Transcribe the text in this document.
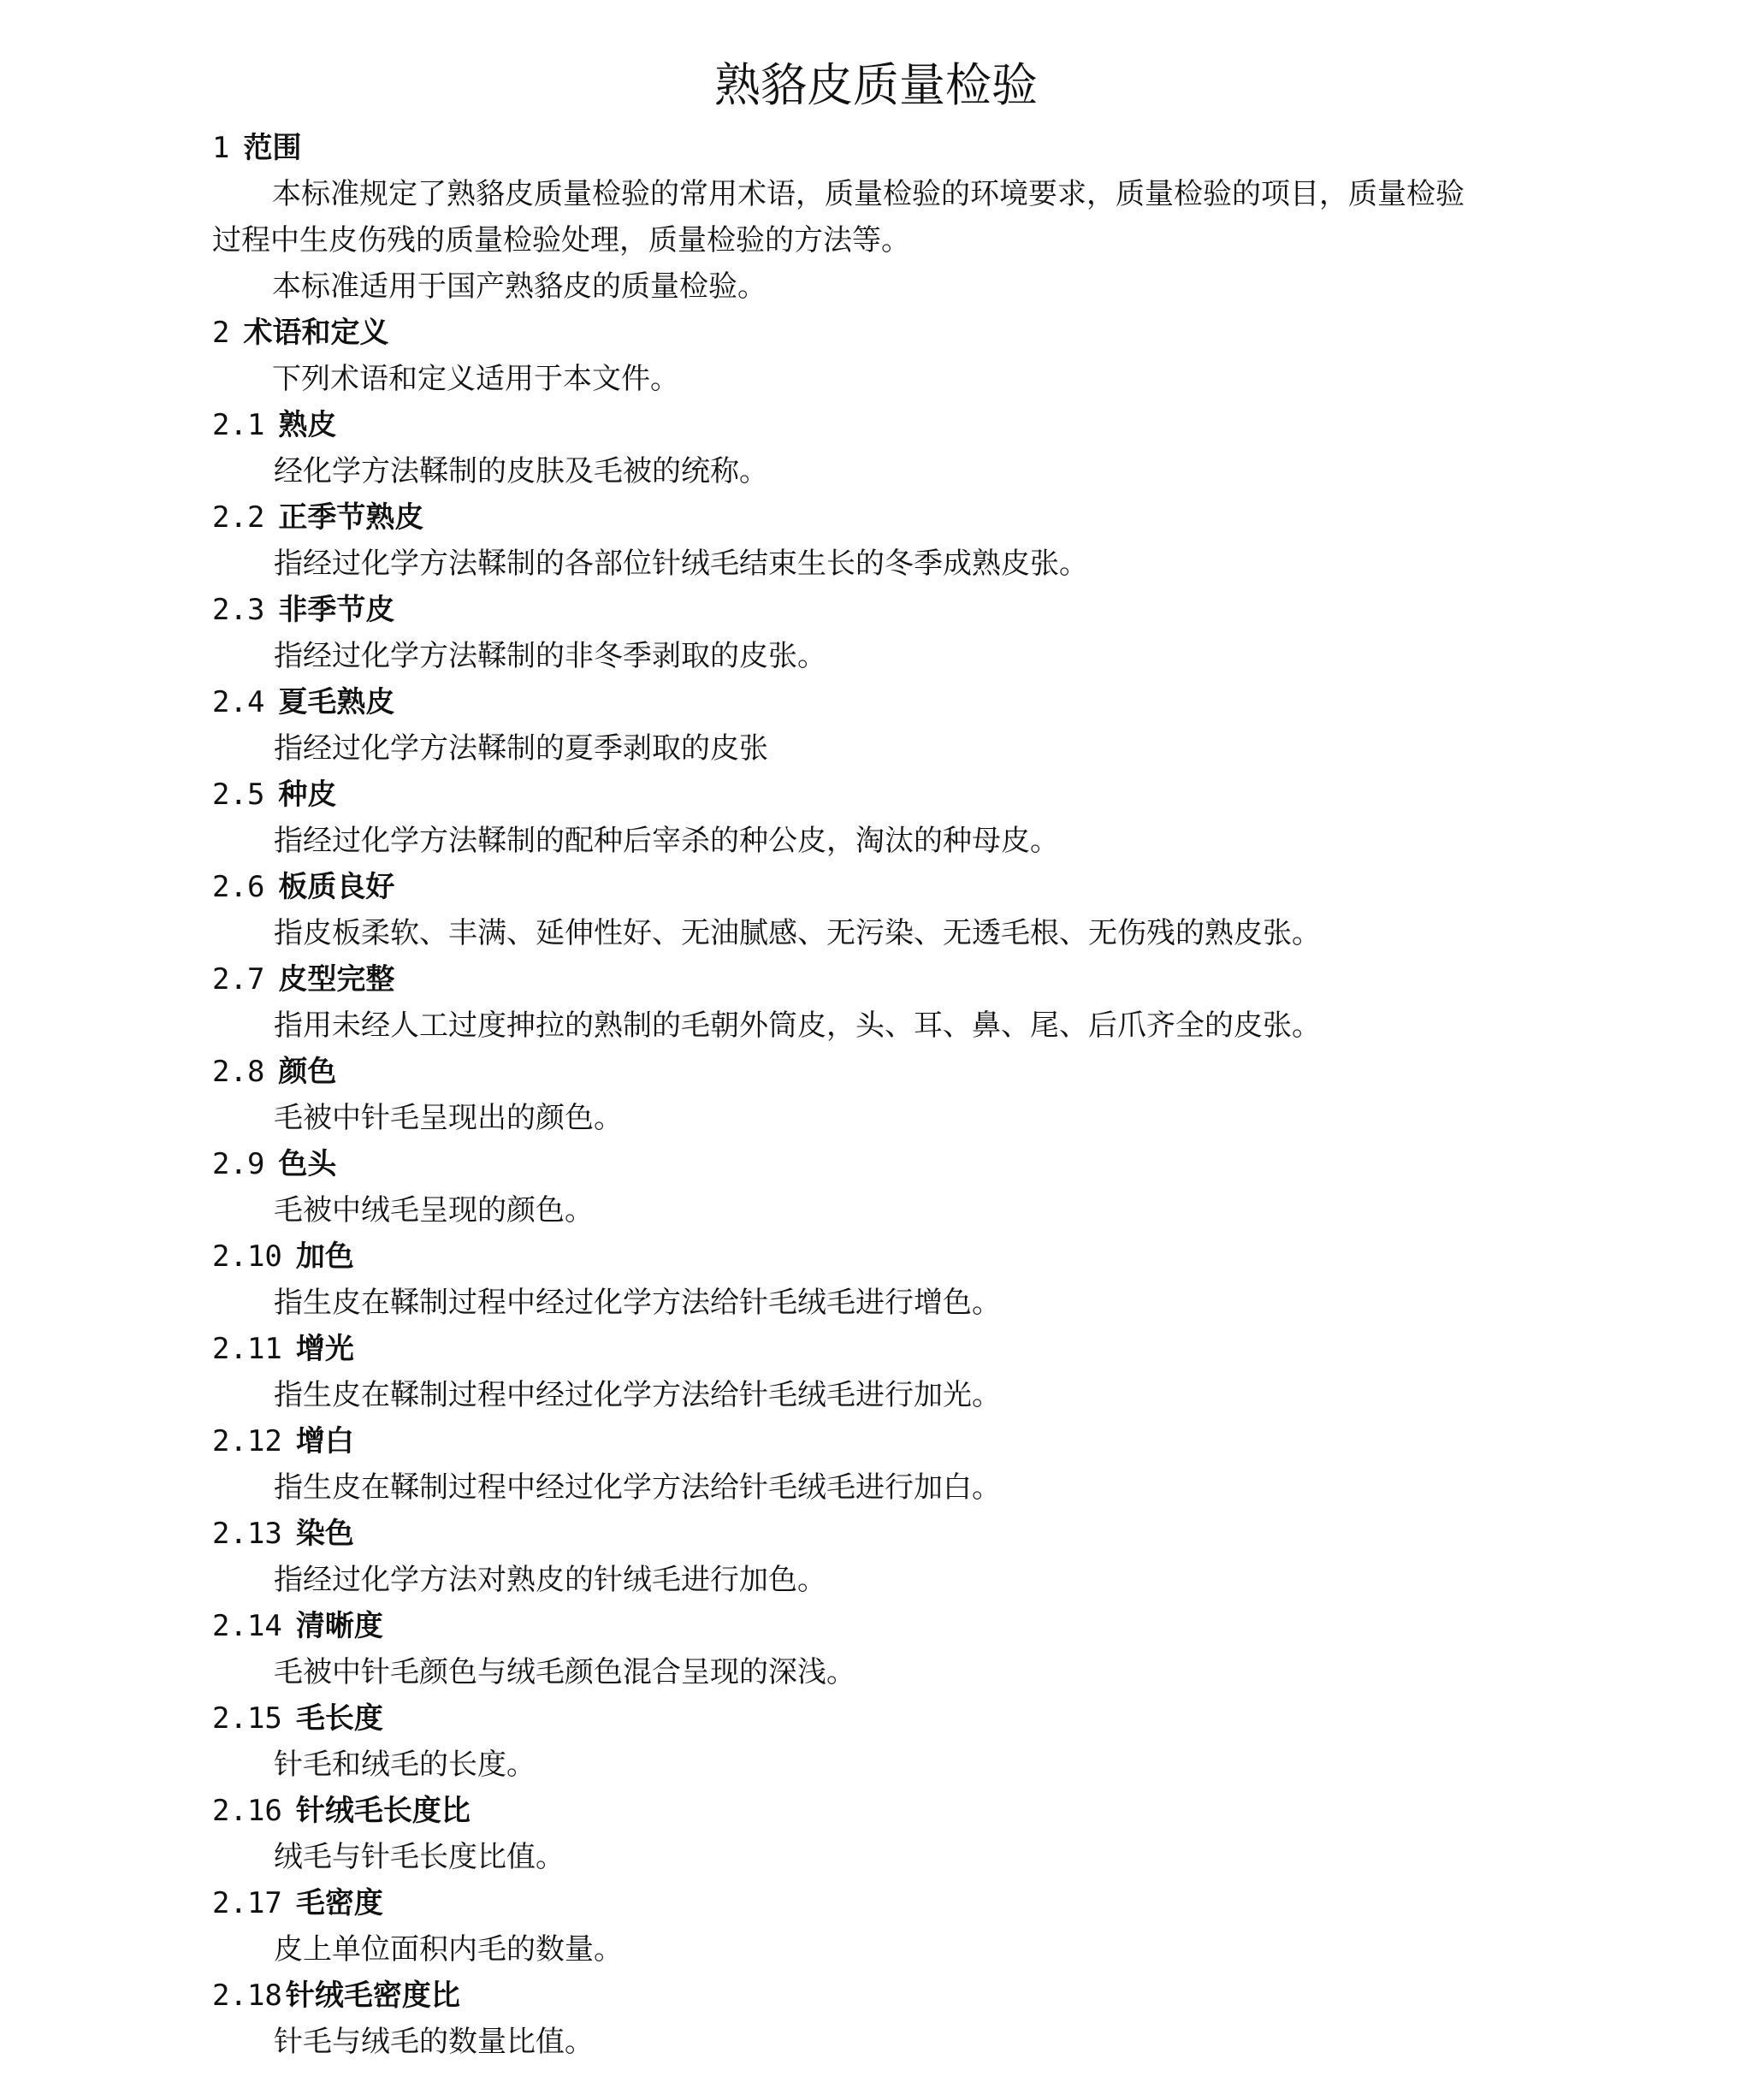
熟貉皮质量检验
1 范围
本标准规定了熟貉皮质量检验的常用术语，质量检验的环境要求，质量检验的项目，质量检验
过程中生皮伤残的质量检验处理，质量检验的方法等。
本标准适用于国产熟貉皮的质量检验。
2 术语和定义
下列术语和定义适用于本文件。
2.1 熟皮
经化学方法鞣制的皮肤及毛被的统称。
2.2 正季节熟皮
指经过化学方法鞣制的各部位针绒毛结束生长的冬季成熟皮张。
2.3 非季节皮
指经过化学方法鞣制的非冬季剥取的皮张。
2.4 夏毛熟皮
指经过化学方法鞣制的夏季剥取的皮张
2.5 种皮
指经过化学方法鞣制的配种后宰杀的种公皮，淘汰的种母皮。
2.6 板质良好
指皮板柔软、丰满、延伸性好、无油腻感、无污染、无透毛根、无伤残的熟皮张。
2.7 皮型完整
指用未经人工过度抻拉的熟制的毛朝外筒皮，头、耳、鼻、尾、后爪齐全的皮张。
2.8 颜色
毛被中针毛呈现出的颜色。
2.9 色头
毛被中绒毛呈现的颜色。
2.10 加色
指生皮在鞣制过程中经过化学方法给针毛绒毛进行增色。
2.11 增光
指生皮在鞣制过程中经过化学方法给针毛绒毛进行加光。
2.12 增白
指生皮在鞣制过程中经过化学方法给针毛绒毛进行加白。
2.13 染色
指经过化学方法对熟皮的针绒毛进行加色。
2.14 清晰度
毛被中针毛颜色与绒毛颜色混合呈现的深浅。
2.15 毛长度
针毛和绒毛的长度。
2.16 针绒毛长度比
绒毛与针毛长度比值。
2.17 毛密度
皮上单位面积内毛的数量。
2.18 针绒毛密度比
针毛与绒毛的数量比值。
